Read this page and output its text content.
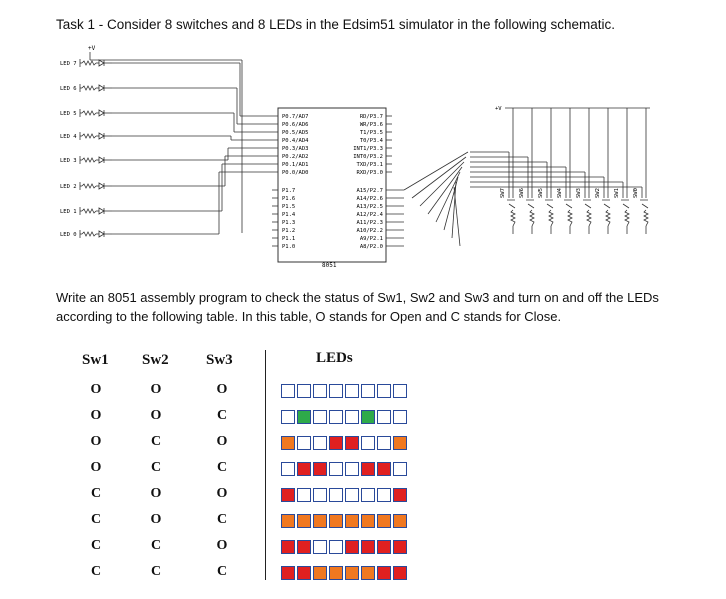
Task 1 - Consider 8 switches and 8 LEDs in the Edsim51 simulator in the following schematic.
+V
LED 7
LED 6
LED 5
LED 4
LED 3
LED 2
LED 1
LED 0
8051
P0.7/AD7
P0.6/AD6
P0.5/AD5
P0.4/AD4
P0.3/AD3
P0.2/AD2
P0.1/AD1
P0.0/AD0
P1.7
P1.6
P1.5
P1.4
P1.3
P1.2
P1.1
P1.0
RD/P3.7
WR/P3.6
T1/P3.5
T0/P3.4
INT1/P3.3
INT0/P3.2
TXD/P3.1
RXD/P3.0
A15/P2.7
A14/P2.6
A13/P2.5
A12/P2.4
A11/P2.3
A10/P2.2
A9/P2.1
A8/P2.0
+V
SW7 SW6 SW5 SW4 SW3 SW2 SW1 SW0
Write an 8051 assembly program to check the status of Sw1, Sw2 and Sw3 and turn on and off the LEDs according to the following table. In this table, O stands for Open and C stands for Close.
Sw1 Sw2 Sw3	LEDs
O	O	O
O	O	C
O	C	O
O	C	C
C	O	O
C	O	C
C	C	O
C	C	C
